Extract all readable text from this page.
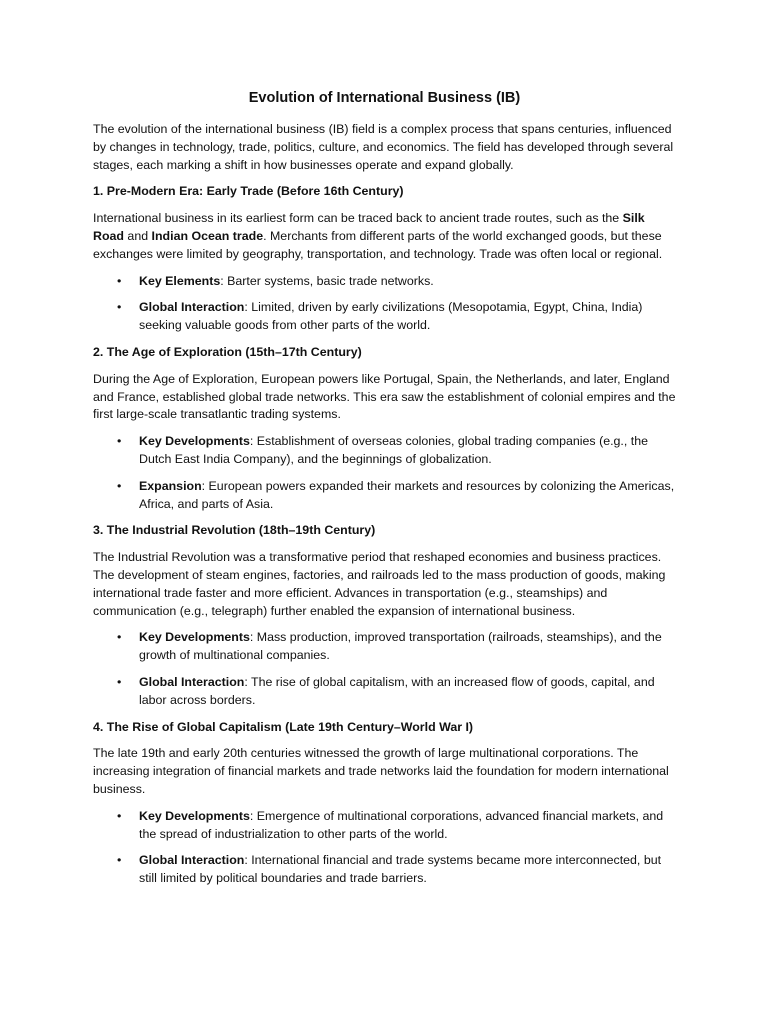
Evolution of International Business (IB)

The evolution of the international business (IB) field is a complex process that spans centuries, influenced by changes in technology, trade, politics, culture, and economics. The field has developed through several stages, each marking a shift in how businesses operate and expand globally.

1. Pre-Modern Era: Early Trade (Before 16th Century)

International business in its earliest form can be traced back to ancient trade routes, such as the Silk Road and Indian Ocean trade. Merchants from different parts of the world exchanged goods, but these exchanges were limited by geography, transportation, and technology. Trade was often local or regional.

• Key Elements: Barter systems, basic trade networks.
• Global Interaction: Limited, driven by early civilizations (Mesopotamia, Egypt, China, India) seeking valuable goods from other parts of the world.
2. The Age of Exploration (15th–17th Century)

During the Age of Exploration, European powers like Portugal, Spain, the Netherlands, and later, England and France, established global trade networks. This era saw the establishment of colonial empires and the first large-scale transatlantic trading systems.

• Key Developments: Establishment of overseas colonies, global trading companies (e.g., the Dutch East India Company), and the beginnings of globalization.
• Expansion: European powers expanded their markets and resources by colonizing the Americas, Africa, and parts of Asia.
3. The Industrial Revolution (18th–19th Century)

The Industrial Revolution was a transformative period that reshaped economies and business practices. The development of steam engines, factories, and railroads led to the mass production of goods, making international trade faster and more efficient. Advances in transportation (e.g., steamships) and communication (e.g., telegraph) further enabled the expansion of international business.

• Key Developments: Mass production, improved transportation (railroads, steamships), and the growth of multinational companies.
• Global Interaction: The rise of global capitalism, with an increased flow of goods, capital, and labor across borders.
4. The Rise of Global Capitalism (Late 19th Century–World War I)

The late 19th and early 20th centuries witnessed the growth of large multinational corporations. The increasing integration of financial markets and trade networks laid the foundation for modern international business.

• Key Developments: Emergence of multinational corporations, advanced financial markets, and the spread of industrialization to other parts of the world.
• Global Interaction: International financial and trade systems became more interconnected, but still limited by political boundaries and trade barriers.
